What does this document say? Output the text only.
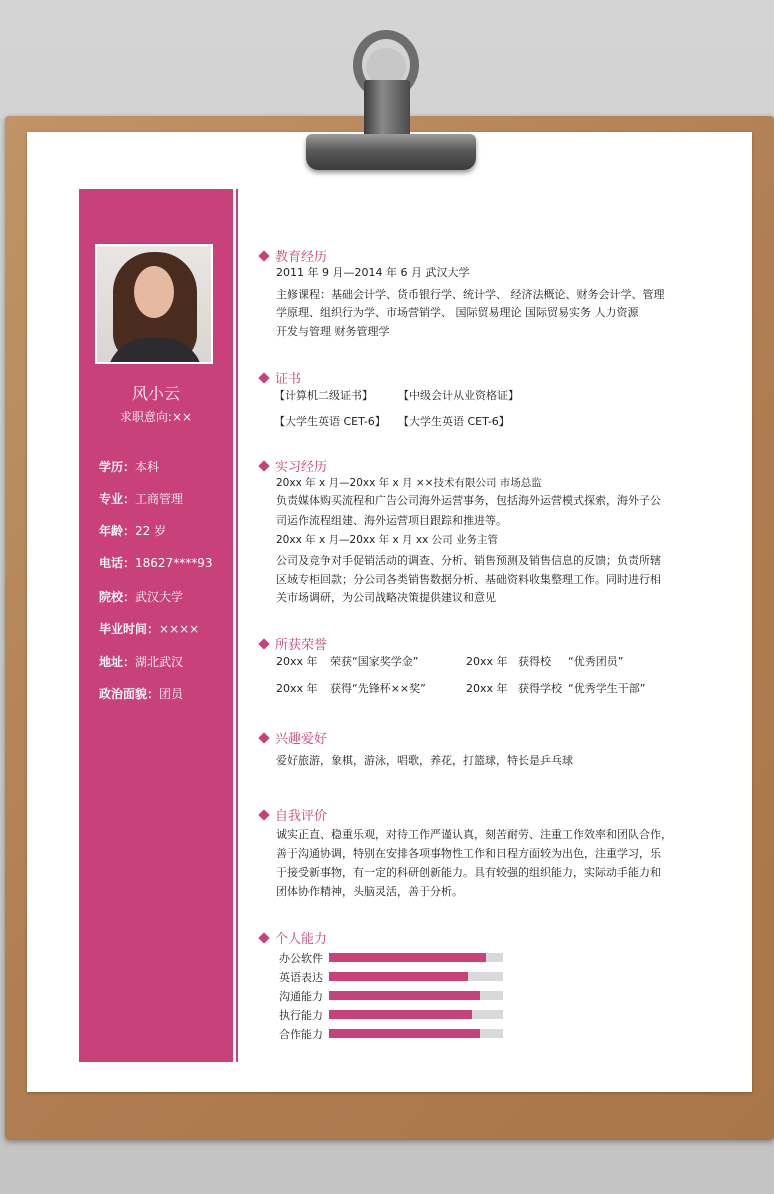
风小云
求职意向:××
学历：本科
专业：工商管理
年龄：22 岁
电话：18627****93
院校：武汉大学
毕业时间：××××
地址：湖北武汉
政治面貌：团员
教育经历
2011 年 9 月—2014 年 6 月 武汉大学
主修课程：基础会计学、货币银行学、统计学、 经济法概论、财务会计学、管理
学原理、组织行为学、市场营销学、 国际贸易理论 国际贸易实务 人力资源
开发与管理 财务管理学
证书
【计算机二级证书】 【中级会计从业资格证】
【大学生英语 CET-6】 【大学生英语 CET-6】
实习经历
20xx 年 x 月—20xx 年 x 月 ××技术有限公司 市场总监
负责媒体购买流程和广告公司海外运营事务，包括海外运营模式探索，海外子公
司运作流程组建、海外运营项目跟踪和推进等。
20xx 年 x 月—20xx 年 x 月 xx 公司 业务主管
公司及竞争对手促销活动的调查、分析、销售预测及销售信息的反馈；负责所辖
区域专柜回款；分公司各类销售数据分析、基础资料收集整理工作。同时进行相
关市场调研，为公司战略决策提供建议和意见
所获荣誉
20xx 年 荣获“国家奖学金”	20xx 年 获得校 “优秀团员”
20xx 年 获得“先锋杯××奖”	20xx 年 获得学校 “优秀学生干部”
兴趣爱好
爱好旅游，象棋，游泳，唱歌，养花，打篮球，特长是乒乓球
自我评价
诚实正直、稳重乐观，对待工作严谨认真，刻苦耐劳、注重工作效率和团队合作，
善于沟通协调，特别在安排各项事物性工作和日程方面较为出色，注重学习，乐
于接受新事物，有一定的科研创新能力。具有较强的组织能力，实际动手能力和
团体协作精神，头脑灵活，善于分析。
个人能力
办公软件
英语表达
沟通能力
执行能力
合作能力
